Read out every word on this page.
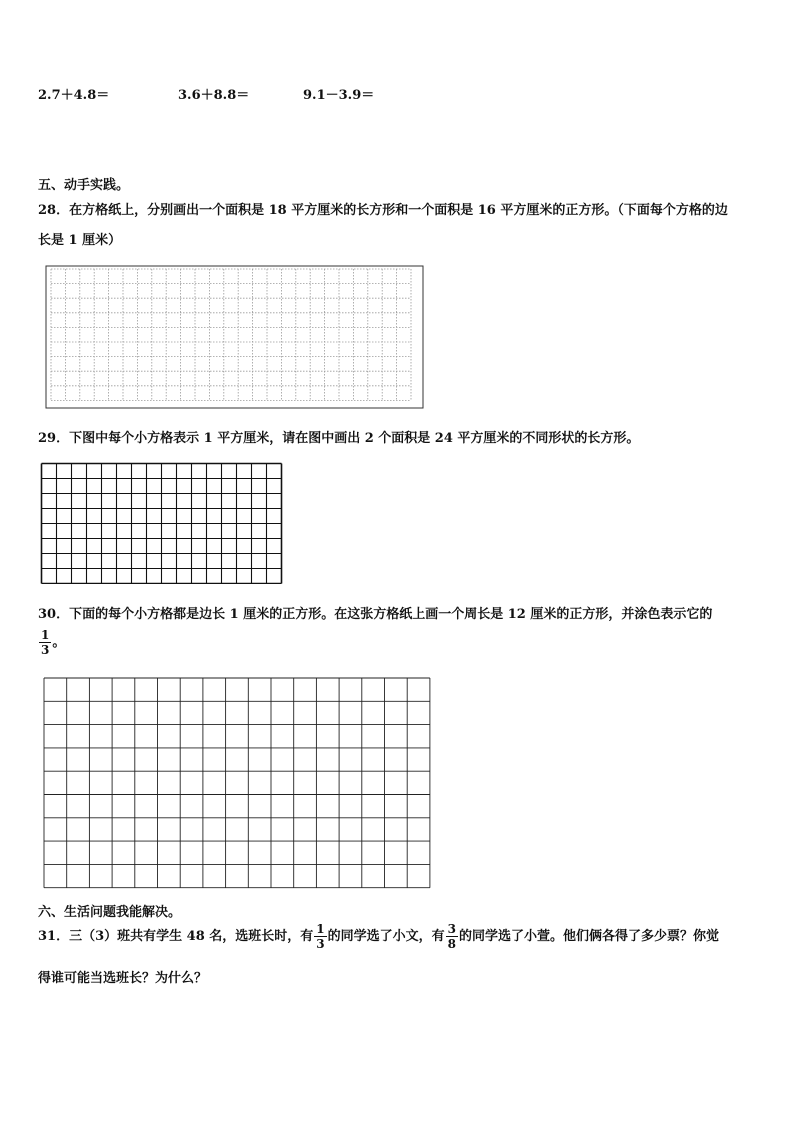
2.7＋4.8＝	3.6＋8.8＝	9.1－3.9＝
五、动手实践。
28．在方格纸上，分别画出一个面积是 18 平方厘米的长方形和一个面积是 16 平方厘米的正方形。（下面每个方格的边
长是 1 厘米）
29．下图中每个小方格表示 1 平方厘米，请在图中画出 2 个面积是 24 平方厘米的不同形状的长方形。
30．下面的每个小方格都是边长 1 厘米的正方形。在这张方格纸上画一个周长是 12 厘米的正方形，并涂色表示它的
$\frac{1}{3}$ 。
六、生活问题我能解决。
31．三（3）班共有学生 48 名，选班长时，有 $\frac{1}{3}$ 的同学选了小文，有 $\frac{3}{8}$ 的同学选了小萱。他们俩各得了多少票？你觉
得谁可能当选班长？为什么？
